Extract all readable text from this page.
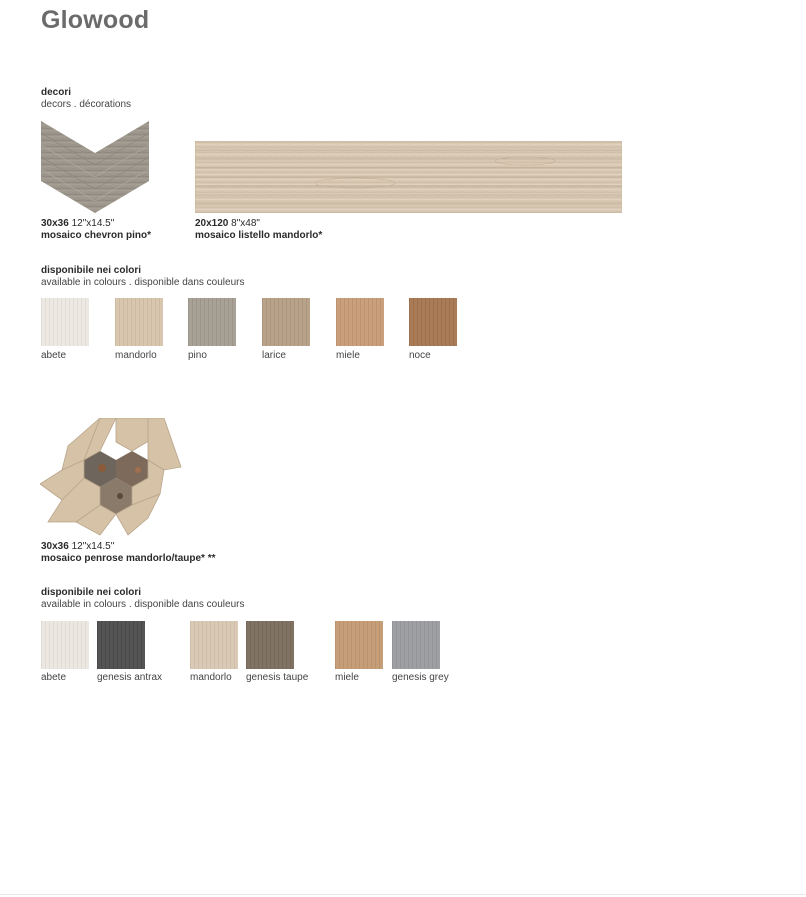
Glowood
decori
decors . décorations
30x36 12"x14.5"
mosaico chevron pino*
20x120 8"x48"
mosaico listello mandorlo*
disponibile nei colori
available in colours . disponible dans couleurs
abete	mandorlo	pino	larice	miele	noce
30x36 12"x14.5"
mosaico penrose mandorlo/taupe* **
disponibile nei colori
available in colours . disponible dans couleurs
abete	genesis antrax	mandorlo genesis taupe	miele	genesis grey
